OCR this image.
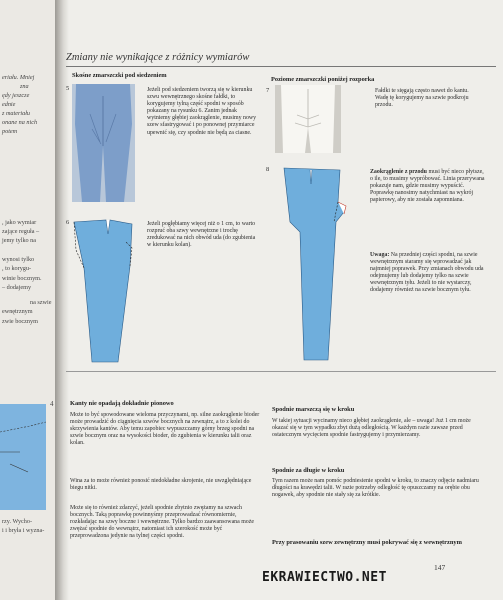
eriału. Mniej
zna
ędy jeszcze
ednie
z materiału
onane na nich
potem
, jako wymiar
zające reguła –
jemy tylko na
wynosi tylko
, to korygu-
winie bocznym.
– dodajemy
na szwie
ewnętrznym
zwie bocznym
4
rzy. Wycho-
i i bryła i wyzna-
Zmiany nie wynikające z różnicy wymiarów
Skośne zmarszczki pod siedzeniem
5	Jeżeli pod siedzeniem tworzą się w kierunku szwu wewnętrznego skośne fałdki, to korygujemy tylną część spodni w sposób pokazany na rysunku 6. Zanim jednak wytniemy głębiej zaokrąglenie, musimy nowy szew sfastrygować i po ponownej przymiarce upewnić się, czy spodnie nie będą za ciasne.
6	Jeżeli pogłębiamy więcej niż o 1 cm, to warto rozpruć oba szwy wewnętrzne i trochę zredukować na nich obwód uda (do zgubienia w kierunku kolan).
Poziome zmarszczki poniżej rozporka
7	Fałdki te sięgają często nawet do kantu. Wadę tę korygujemy na szwie podkroju przodu.
8	Zaokrąglenie z przodu musi być nieco płytsze, o ile, to musimy wypróbować. Linia przerywana pokazuje nam, gdzie musimy wypuścić. Poprawkę nanosimy natychmiast na wykrój papierowy, aby nie została zapomniana.
Uwaga: Na przedniej części spodni, na szwie wewnętrznym staramy się wprowadzać jak najmniej poprawek. Przy zmianach obwodu uda odejmujemy lub dodajemy tylko na szwie wewnętrznym tyłu. Jeżeli to nie wystarczy, dodajemy również na szwie bocznym tyłu.
Kanty nie opadają dokładnie pionowo
Może to być spowodowane wieloma przyczynami, np. silne zaokrąglenie bioder może prowadzić do ciągnięcia szwów bocznych na zewnątrz, a to z kolei do skrzywienia kantów. Aby temu zapobiec wypuszczamy górny brzeg spodni na szwie bocznym oraz na wysokości bioder, do zgubienia w kierunku talii oraz kolan.
Wina za to może również ponosić niedokładne skrojenie, nie uwzględniające biegu nitki.
Może się to również zdarzyć, jeżeli spodnie zbytnio zwężamy na szwach bocznych. Taką poprawkę powinnyśmy przeprowadzać równomiernie, rozkładając na szwy boczne i wewnętrzne. Tylko bardzo zaawansowana może zwężać spodnie do wewnątrz, natomiast ich szerokość może być przeprowadzona jedynie na tylnej części spodni.
Spodnie marszczą się w kroku
W takiej sytuacji wycinamy nieco głębiej zaokrąglenie, ale – uwaga! Już 1 cm może okazać się w tym wypadku zbyt dużą odległością. W każdym razie zawsze przed ostatecznym wycięciem spodnie fastrygujemy i przymierzamy.
Spodnie za długie w kroku
Tym razem może nam pomóc podniesienie spodni w kroku, to znaczy odjęcie nadmiaru długości na krawędzi talii. W razie potrzeby odległość tę opuszczamy na orębie obu nogawek, aby spodnie nie stały się za krótkie.
Przy prasowaniu szew zewnętrzny musi pokrywać się z wewnętrznym
147
EKRAWIECTWO.NET
